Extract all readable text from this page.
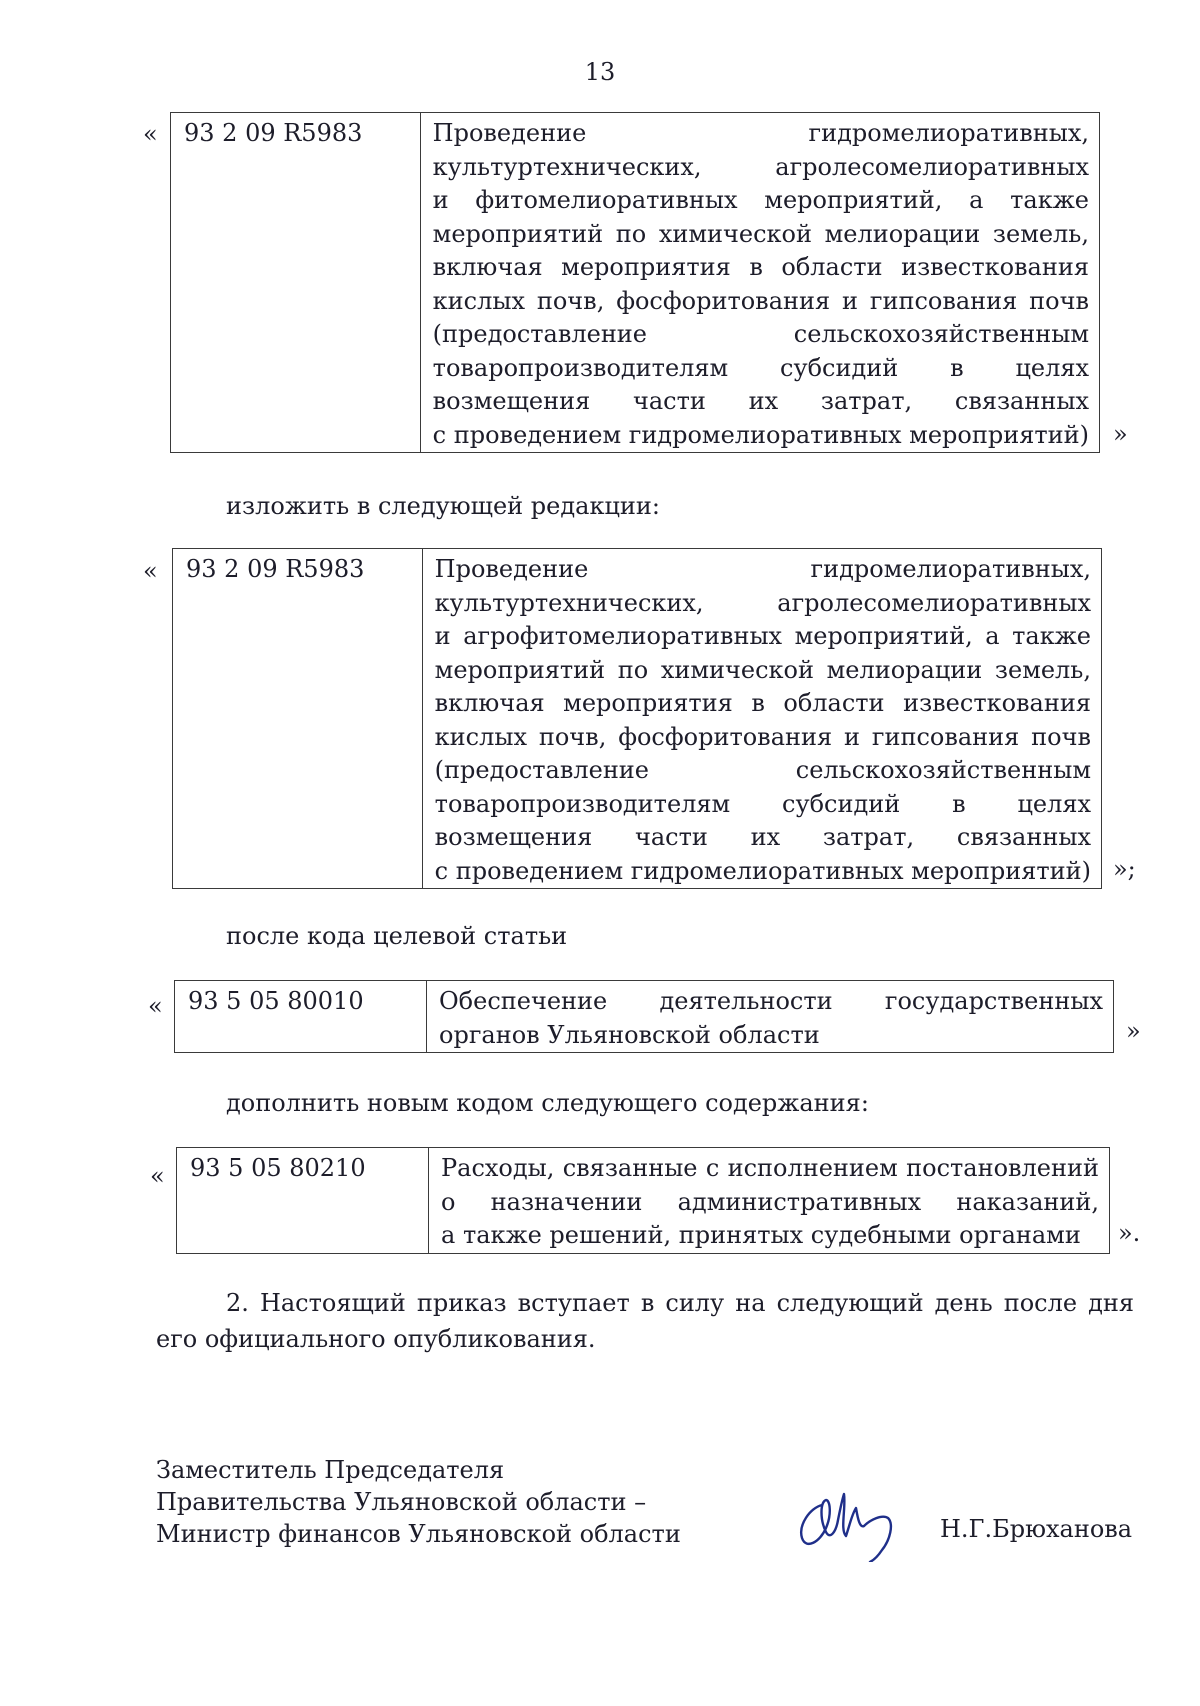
13
« 93 2 09 R5983	Проведение гидромелиоративных,
культуртехнических, агролесомелиоративных
и фитомелиоративных мероприятий, а также
мероприятий по химической мелиорации земель,
включая мероприятия в области известкования
кислых почв, фосфоритования и гипсования почв
(предоставление сельскохозяйственным
товаропроизводителям субсидий в целях
возмещения части их затрат, связанных
с проведением гидромелиоративных мероприятий) »
изложить в следующей редакции:
« 93 2 09 R5983	Проведение гидромелиоративных,
культуртехнических, агролесомелиоративных
и агрофитомелиоративных мероприятий, а также
мероприятий по химической мелиорации земель,
включая мероприятия в области известкования
кислых почв, фосфоритования и гипсования почв
(предоставление сельскохозяйственным
товаропроизводителям субсидий в целях
возмещения части их затрат, связанных
с проведением гидромелиоративных мероприятий) »;
после кода целевой статьи
« 93 5 05 80010	Обеспечение деятельности государственных
органов Ульяновской области	»
дополнить новым кодом следующего содержания:
« 93 5 05 80210	Расходы, связанные с исполнением постановлений
о назначении административных наказаний,
а также решений, принятых судебными органами	».
2. Настоящий приказ вступает в силу на следующий день после дня его официального опубликования.
Заместитель Председателя
Правительства Ульяновской области –
Министр финансов Ульяновской области	Н.Г.Брюханова
